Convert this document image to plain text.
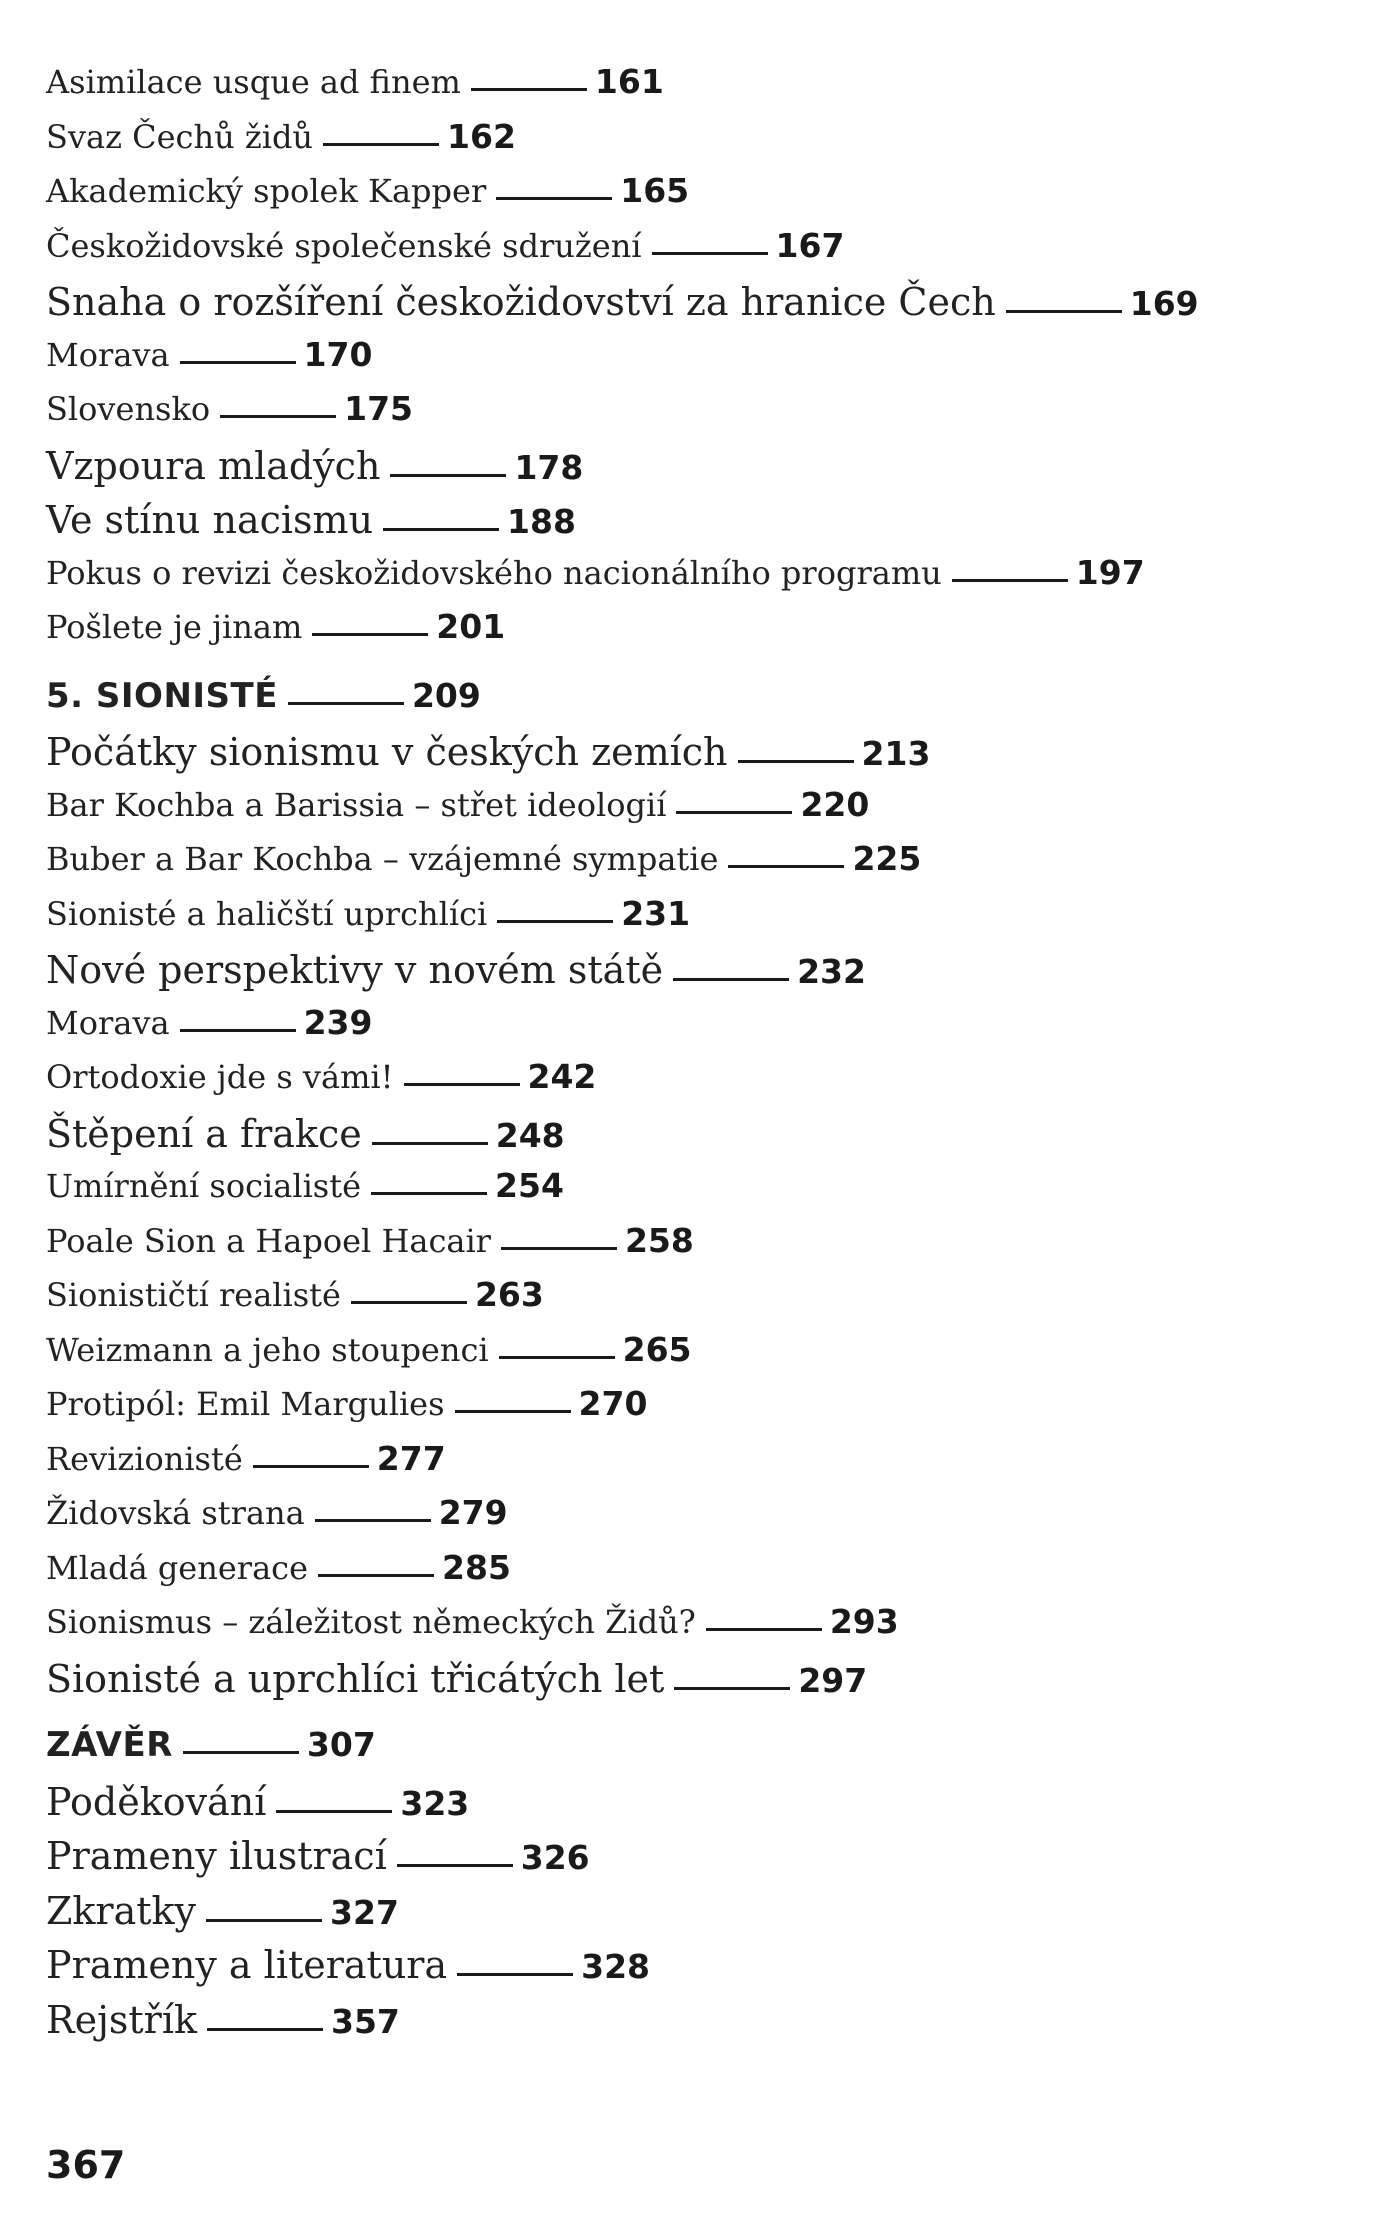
Asimilace usque ad finem	161
Svaz Čechů židů	162
Akademický spolek Kapper	165
Českožidovské společenské sdružení	167
Snaha o rozšíření českožidovství za hranice Čech	169
Morava	170
Slovensko	175
Vzpoura mladých	178
Ve stínu nacismu	188
Pokus o revizi českožidovského nacionálního programu	197
Pošlete je jinam	201
5. SIONISTÉ	209
Počátky sionismu v českých zemích	213
Bar Kochba a Barissia – střet ideologií	220
Buber a Bar Kochba – vzájemné sympatie	225
Sionisté a haličští uprchlíci	231
Nové perspektivy v novém státě	232
Morava	239
Ortodoxie jde s vámi!	242
Štěpení a frakce	248
Umírnění socialisté	254
Poale Sion a Hapoel Hacair	258
Sionističtí realisté	263
Weizmann a jeho stoupenci	265
Protipól: Emil Margulies	270
Revizionisté	277
Židovská strana	279
Mladá generace	285
Sionismus – záležitost německých Židů?	293
Sionisté a uprchlíci třicátých let	297
ZÁVĚR	307
Poděkování	323
Prameny ilustrací	326
Zkratky	327
Prameny a literatura	328
Rejstřík	357
367
